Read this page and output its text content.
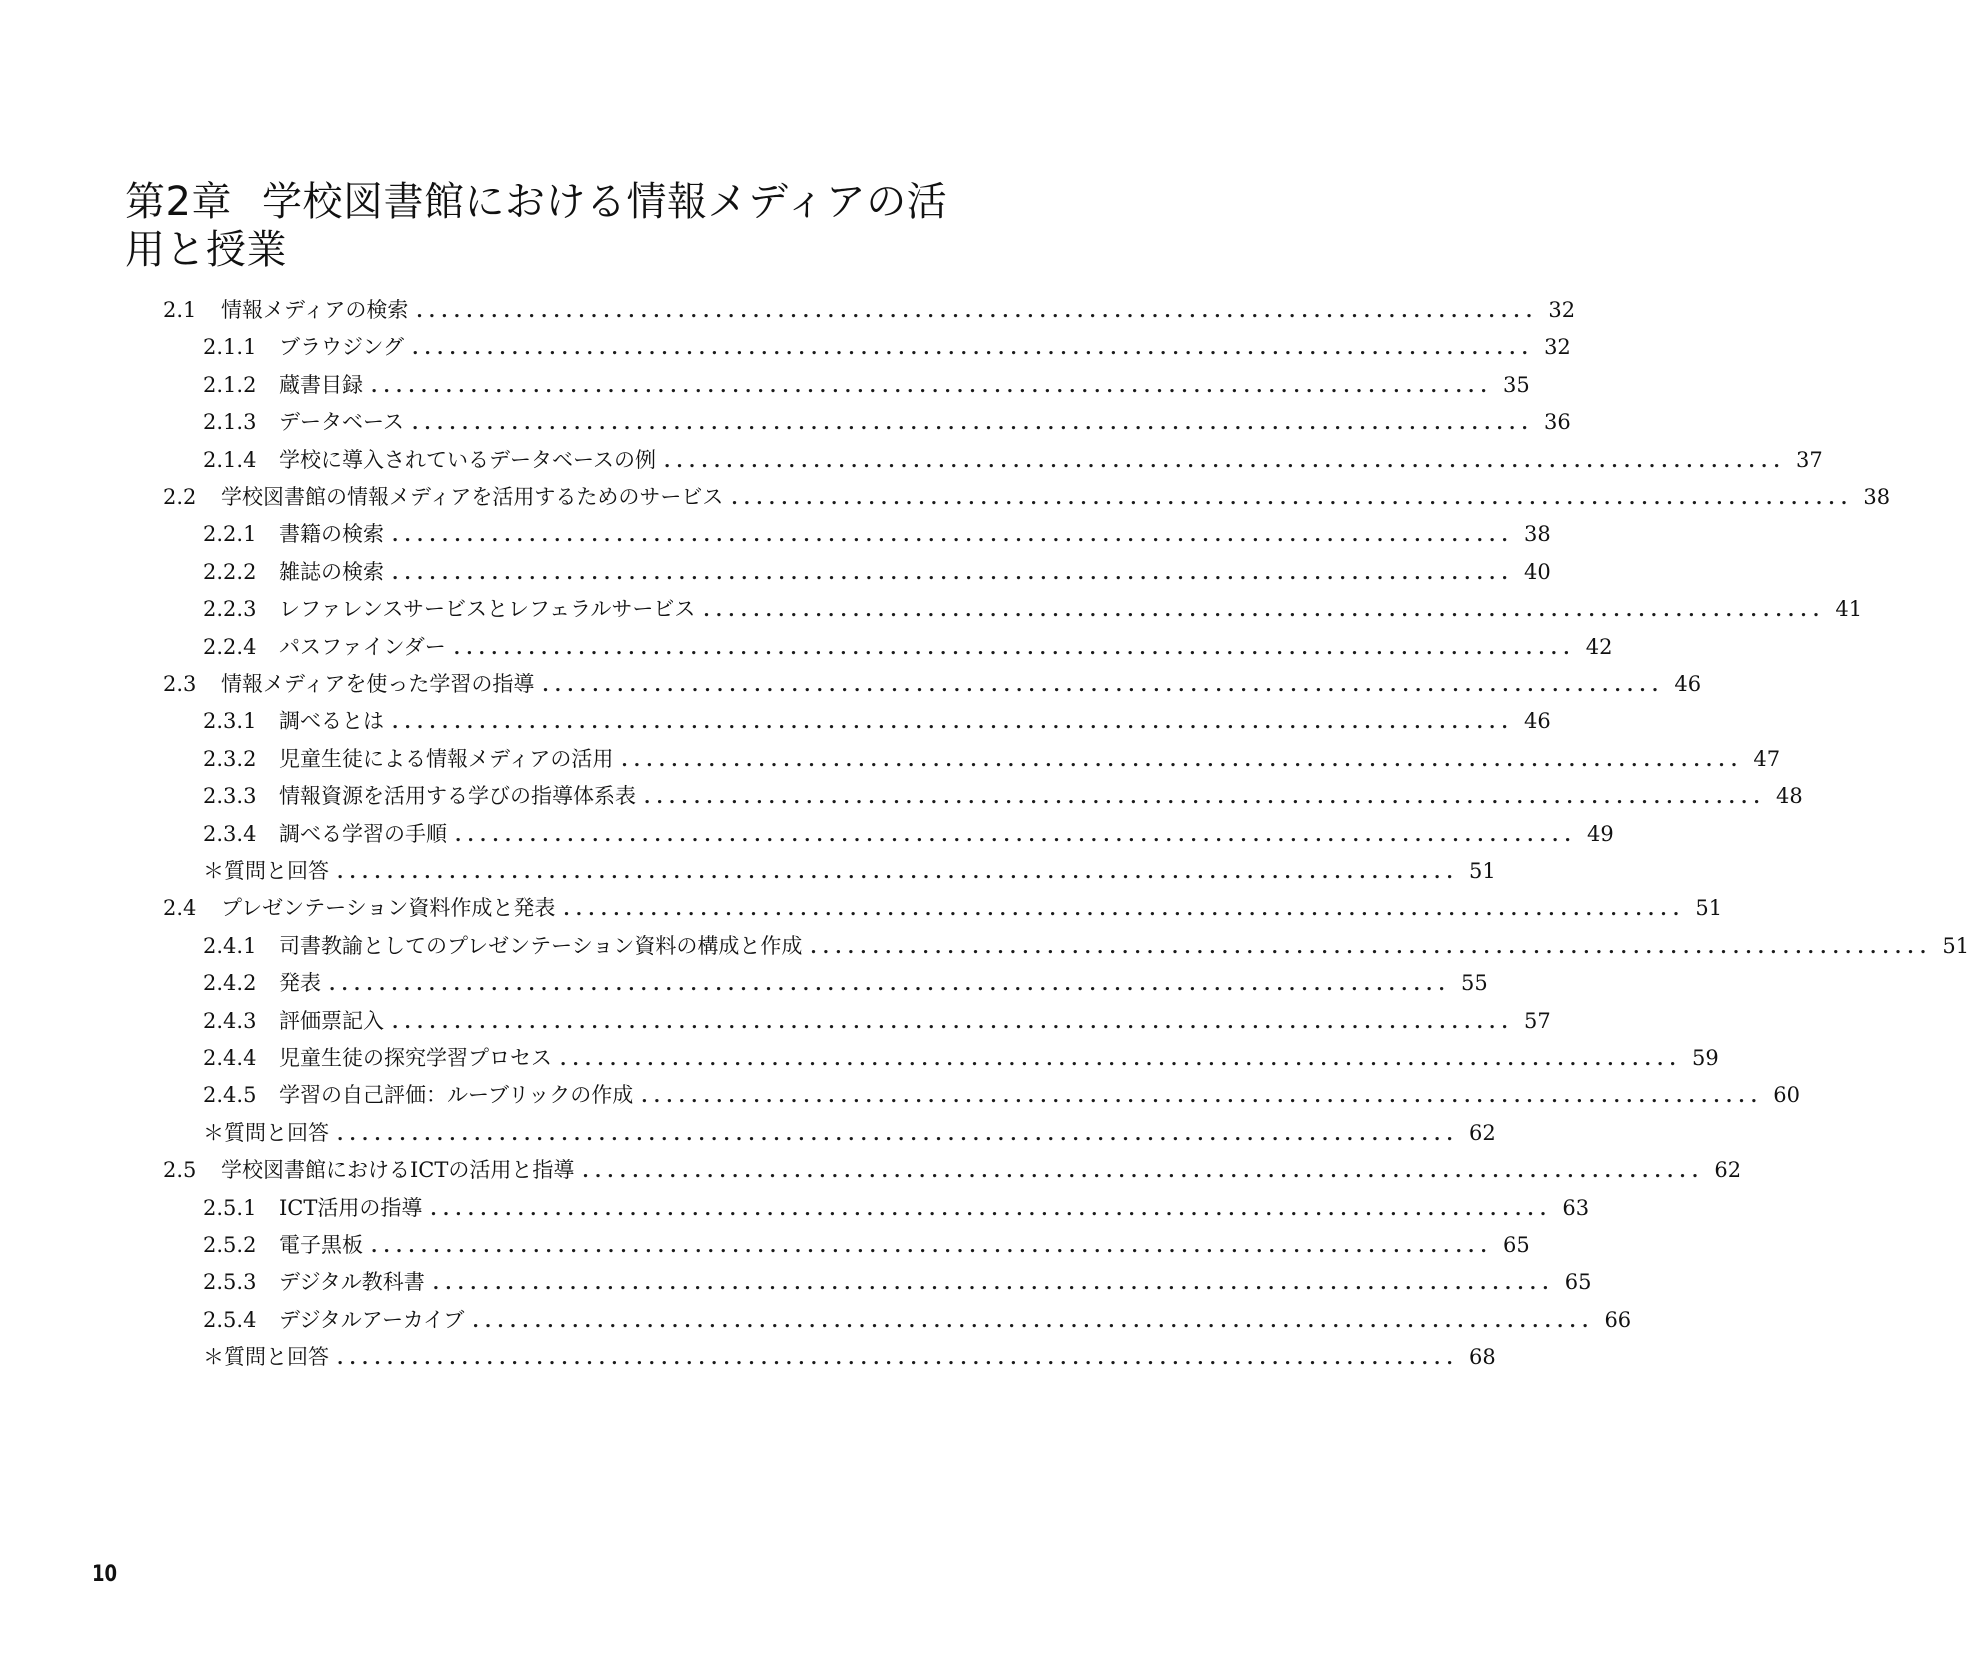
第2章 学校図書館における情報メディアの活用と授業
2.1	情報メディアの検索 .......................................................................................... 32
2.1.1	ブラウジング .......................................................................................... 32
2.1.2	蔵書目録 .......................................................................................... 35
2.1.3	データベース .......................................................................................... 36
2.1.4	学校に導入されているデータベースの例 .......................................................................................... 37
2.2	学校図書館の情報メディアを活用するためのサービス .......................................................................................... 38
2.2.1	書籍の検索 .......................................................................................... 38
2.2.2	雑誌の検索 .......................................................................................... 40
2.2.3	レファレンスサービスとレフェラルサービス .......................................................................................... 41
2.2.4	パスファインダー .......................................................................................... 42
2.3	情報メディアを使った学習の指導 .......................................................................................... 46
2.3.1	調べるとは .......................................................................................... 46
2.3.2	児童生徒による情報メディアの活用 .......................................................................................... 47
2.3.3	情報資源を活用する学びの指導体系表 .......................................................................................... 48
2.3.4	調べる学習の手順 .......................................................................................... 49
＊質問と回答 .......................................................................................... 51
2.4	プレゼンテーション資料作成と発表 .......................................................................................... 51
2.4.1	司書教諭としてのプレゼンテーション資料の構成と作成 .......................................................................................... 51
2.4.2	発表 .......................................................................................... 55
2.4.3	評価票記入 .......................................................................................... 57
2.4.4	児童生徒の探究学習プロセス .......................................................................................... 59
2.4.5	学習の自己評価：ルーブリックの作成 .......................................................................................... 60
＊質問と回答 .......................................................................................... 62
2.5	学校図書館におけるICTの活用と指導 .......................................................................................... 62
2.5.1	ICT活用の指導 .......................................................................................... 63
2.5.2	電子黒板 .......................................................................................... 65
2.5.3	デジタル教科書 .......................................................................................... 65
2.5.4	デジタルアーカイブ .......................................................................................... 66
＊質問と回答 .......................................................................................... 68
10
